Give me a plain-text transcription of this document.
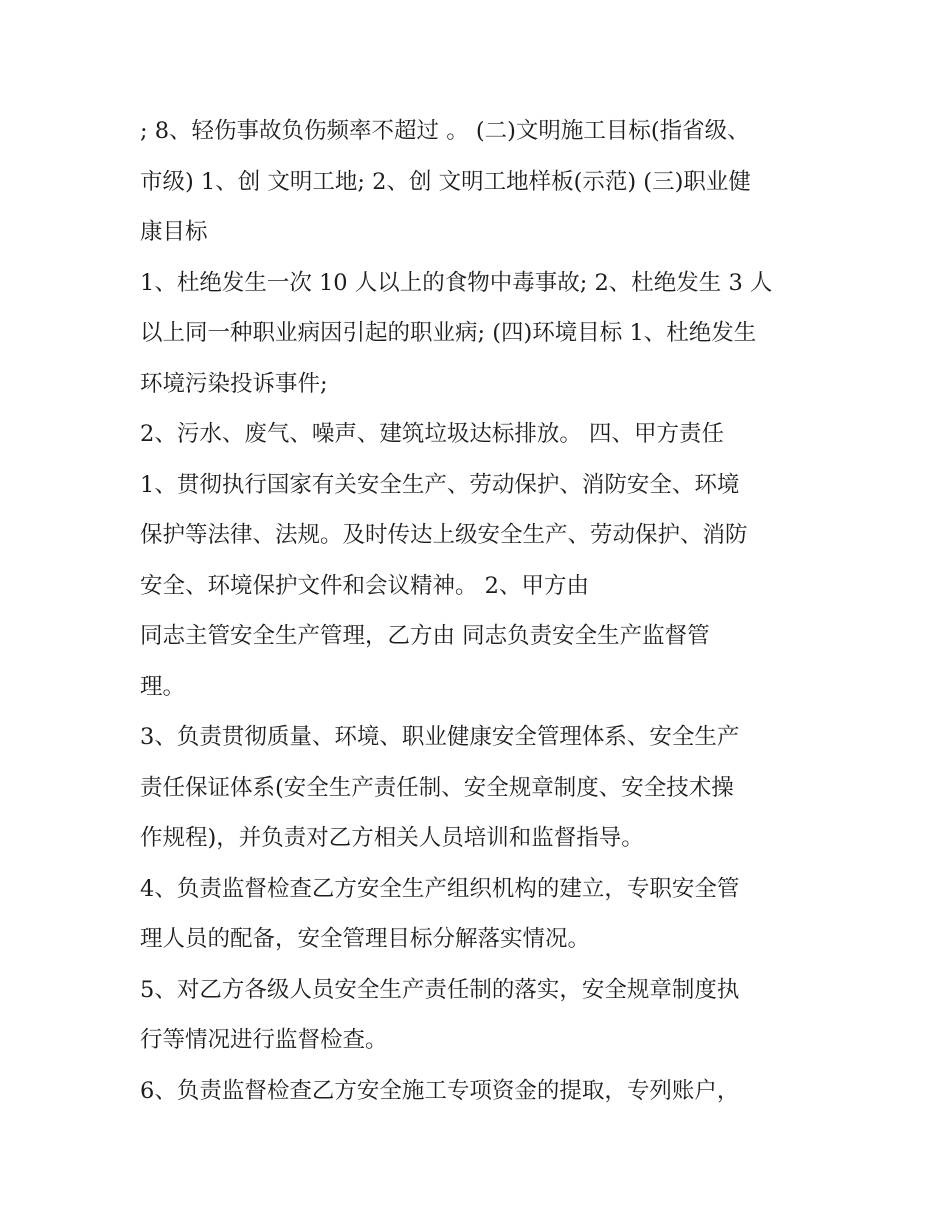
; 8、轻伤事故负伤频率不超过 。 (二)文明施工目标(指省级、
市级) 1、创 文明工地; 2、创 文明工地样板(示范) (三)职业健
康目标
1、杜绝发生一次 10 人以上的食物中毒事故; 2、杜绝发生 3 人
以上同一种职业病因引起的职业病; (四)环境目标 1、杜绝发生
环境污染投诉事件;
2、污水、废气、噪声、建筑垃圾达标排放。 四、甲方责任
1、贯彻执行国家有关安全生产、劳动保护、消防安全、环境
保护等法律、法规。及时传达上级安全生产、劳动保护、消防
安全、环境保护文件和会议精神。 2、甲方由
同志主管安全生产管理，乙方由 同志负责安全生产监督管
理。
3、负责贯彻质量、环境、职业健康安全管理体系、安全生产
责任保证体系(安全生产责任制、安全规章制度、安全技术操
作规程)，并负责对乙方相关人员培训和监督指导。
4、负责监督检查乙方安全生产组织机构的建立，专职安全管
理人员的配备，安全管理目标分解落实情况。
5、对乙方各级人员安全生产责任制的落实，安全规章制度执
行等情况进行监督检查。
6、负责监督检查乙方安全施工专项资金的提取，专列账户，
